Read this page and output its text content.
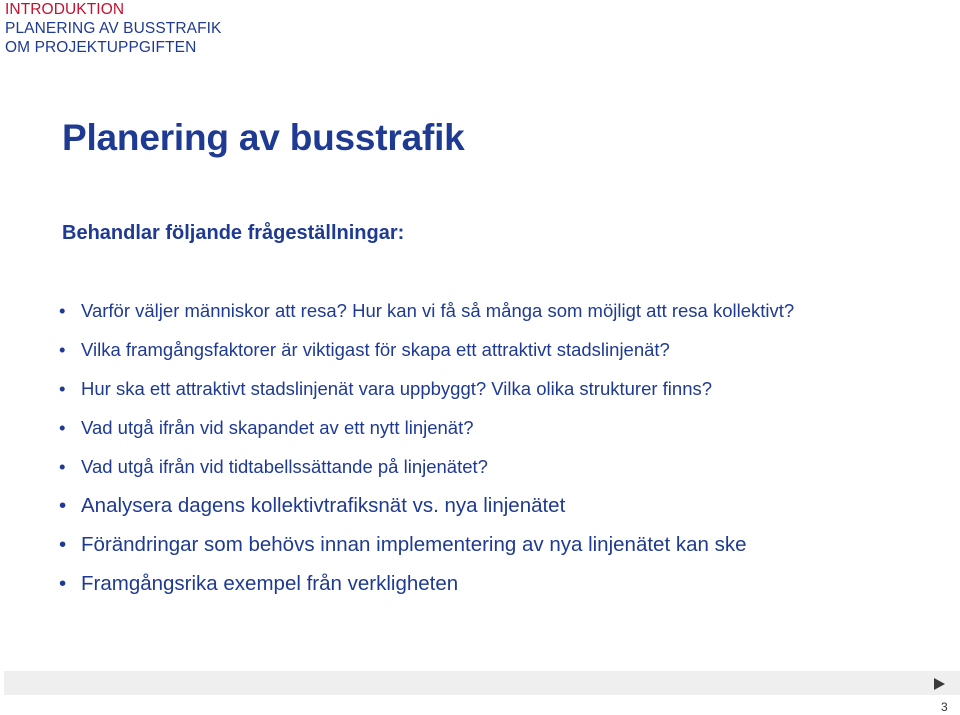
INTRODUKTION
PLANERING AV BUSSTRAFIK
OM PROJEKTUPPGIFTEN
Planering av busstrafik
Behandlar följande frågeställningar:
• Varför väljer människor att resa? Hur kan vi få så många som möjligt att resa kollektivt?
• Vilka framgångsfaktorer är viktigast för skapa ett attraktivt stadslinjenät?
• Hur ska ett attraktivt stadslinjenät vara uppbyggt? Vilka olika strukturer finns?
• Vad utgå ifrån vid skapandet av ett nytt linjenät?
• Vad utgå ifrån vid tidtabellssättande på linjenätet?
• Analysera dagens kollektivtrafiksnät vs. nya linjenätet
• Förändringar som behövs innan implementering av nya linjenätet kan ske
• Framgångsrika exempel från verkligheten
3
